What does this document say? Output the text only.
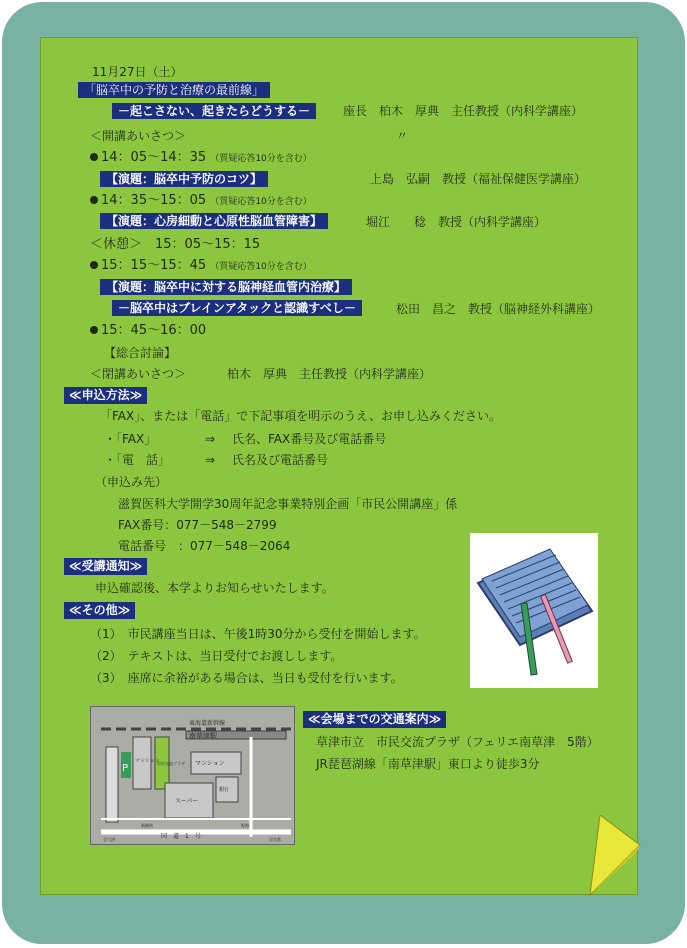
11月27日（土）
「脳卒中の予防と治療の最前線」
－起こさない、起きたらどうする－	座長　柏木　厚典　主任教授（内科学講座）
＜開講あいさつ＞	〃
14：05～14：35 （質疑応答10分を含む）
【演題：脳卒中予防のコツ】	上島　弘嗣　教授（福祉保健医学講座）
14：35～15：05 （質疑応答10分を含む）
【演題：心房細動と心原性脳血管障害】	堀江　　稔　教授（内科学講座）
＜休憩＞　15：05～15：15
15：15～15：45 （質疑応答10分を含む）
【演題：脳卒中に対する脳神経血管内治療】
－脳卒中はブレインアタックと認識すべし－	松田　昌之　教授（脳神経外科講座）
15：45～16：00
【総合討論】
＜閉講あいさつ＞	柏木　厚典　主任教授（内科学講座）
≪申込方法≫
「FAX」、または「電話」で下記事項を明示のうえ、お申し込みください。
・「FAX」	⇒ 氏名、FAX番号及び電話番号
・「電　話」	⇒ 氏名及び電話番号
（申込み先）
滋賀医科大学開学30周年記念事業特別企画「市民公開講座」係
FAX番号：077－548－2799
電話番号　：077－548－2064
≪受講通知≫
申込確認後、本学よりお知らせいたします。
≪その他≫
（1）　市民講座当日は、午後1時30分から受付を開始します。
（2）　テキストは、当日受付でお渡しします。
（3）　座席に余裕がある場合は、当日も受付を行います。
東海道新幹線
南草津駅
P
マンション
市民交流プラザ マンション
スーパー
銀行
国　道　1　号
新橋南	野路
至大津	至京都
≪会場までの交通案内≫
草津市立　市民交流プラザ（フェリエ南草津　5階）
JR琵琶湖線「南草津駅」東口より徒歩3分
